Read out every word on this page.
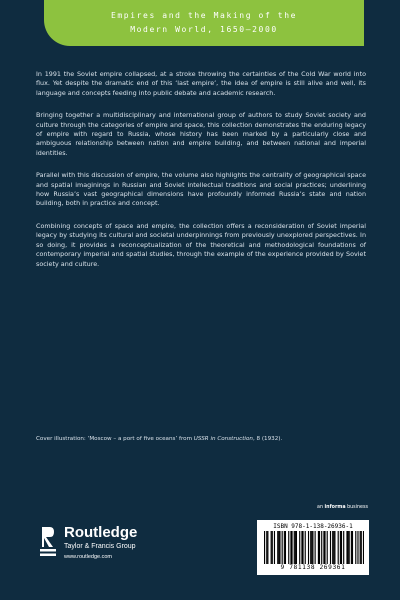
Empires and the Making of the
Modern World, 1650–2000

In 1991 the Soviet empire collapsed, at a stroke throwing the certainties of the Cold War world into flux. Yet despite the dramatic end of this ‘last empire’, the idea of empire is still alive and well, its language and concepts feeding into public debate and academic research.

Bringing together a multidisciplinary and international group of authors to study Soviet society and culture through the categories of empire and space, this collection demonstrates the enduring legacy of empire with regard to Russia, whose history has been marked by a particularly close and ambiguous relationship between nation and empire building, and between national and imperial identities.

Parallel with this discussion of empire, the volume also highlights the centrality of geographical space and spatial imaginings in Russian and Soviet intellectual traditions and social practices; underlining how Russia’s vast geographical dimensions have profoundly informed Russia’s state and nation building, both in practice and concept.

Combining concepts of space and empire, the collection offers a reconsideration of Soviet imperial legacy by studying its cultural and societal underpinnings from previously unexplored perspectives. In so doing, it provides a reconceptualization of the theoretical and methodological foundations of contemporary imperial and spatial studies, through the example of the experience provided by Soviet society and culture.

Cover illustration: ‘Moscow – a port of five oceans’ from USSR in Construction, 8 (1932).
an informa business
Routledge
Taylor & Francis Group
www.routledge.com
ISBN 978-1-138-26936-1
9 781138 269361
